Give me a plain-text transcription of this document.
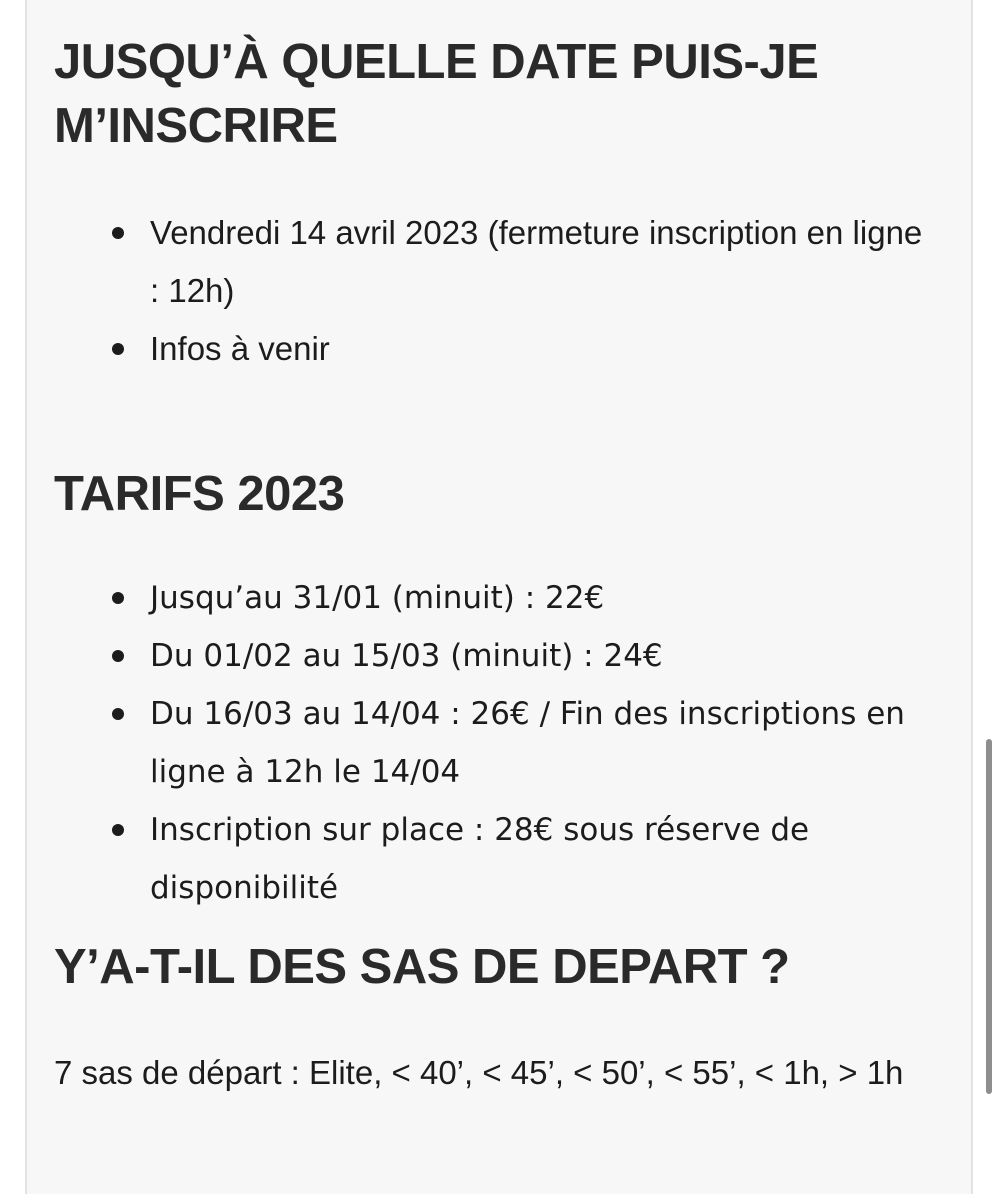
JUSQU’À QUELLE DATE PUIS-JE M’INSCRIRE
Vendredi 14 avril 2023 (fermeture inscription en ligne : 12h)
Infos à venir
TARIFS 2023
Jusqu’au 31/01 (minuit) : 22€
Du 01/02 au 15/03 (minuit) : 24€
Du 16/03 au 14/04 : 26€ / Fin des inscriptions en ligne à 12h le 14/04
Inscription sur place : 28€ sous réserve de disponibilité
Y’A-T-IL DES SAS DE DEPART ?

7 sas de départ : Elite, < 40’, < 45’, < 50’, < 55’, < 1h, > 1h
